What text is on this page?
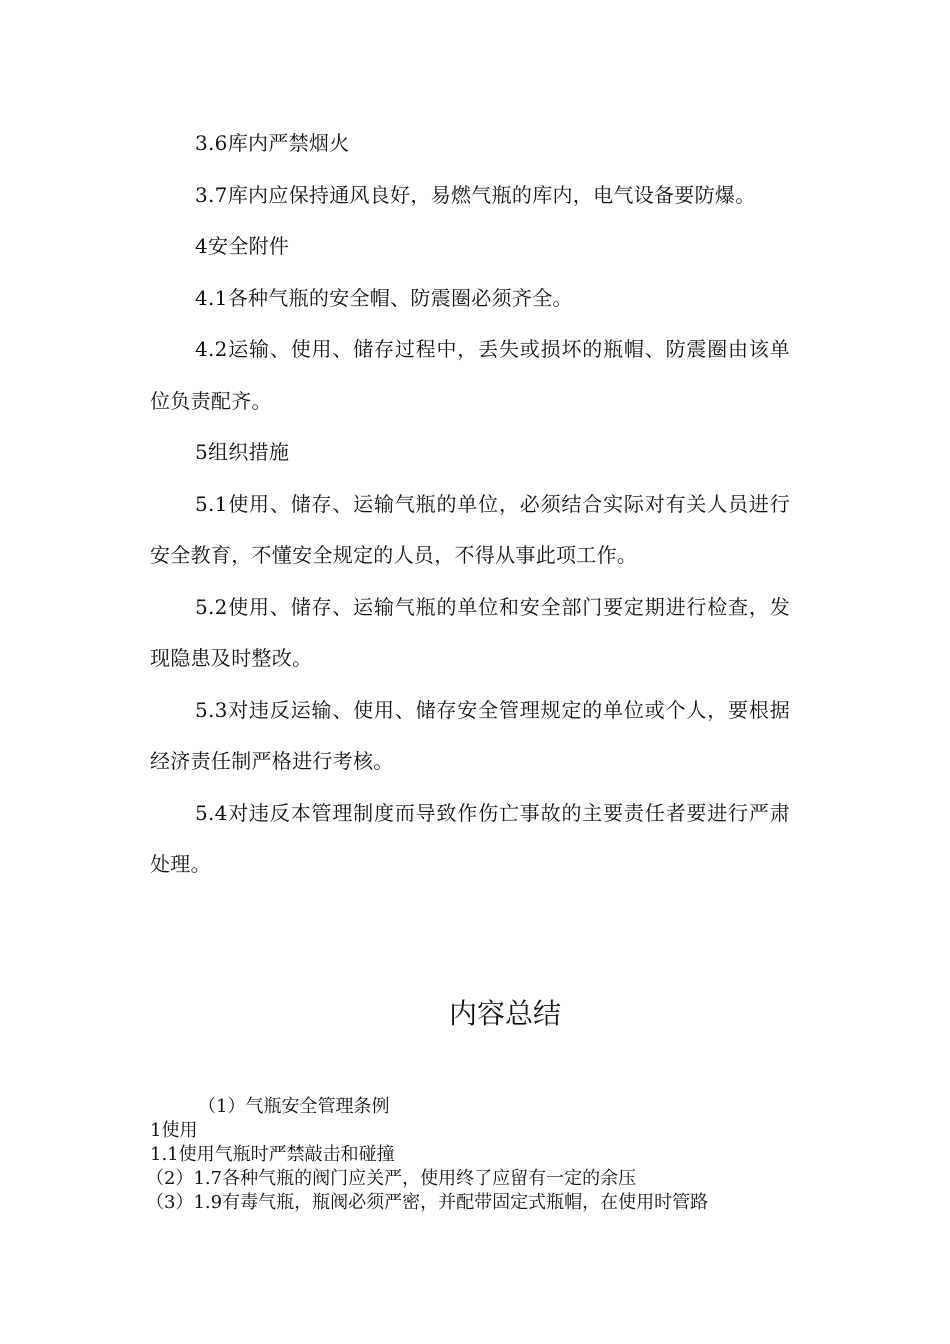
3.6库内严禁烟火

3.7库内应保持通风良好，易燃气瓶的库内，电气设备要防爆。

4安全附件

4.1各种气瓶的安全帽、防震圈必须齐全。

4.2运输、使用、储存过程中，丢失或损坏的瓶帽、防震圈由该单位负责配齐。

5组织措施

5.1使用、储存、运输气瓶的单位，必须结合实际对有关人员进行安全教育，不懂安全规定的人员，不得从事此项工作。

5.2使用、储存、运输气瓶的单位和安全部门要定期进行检查，发现隐患及时整改。

5.3对违反运输、使用、储存安全管理规定的单位或个人，要根据经济责任制严格进行考核。

5.4对违反本管理制度而导致作伤亡事故的主要责任者要进行严肃处理。

内容总结

（1）气瓶安全管理条例

1使用

1.1使用气瓶时严禁敲击和碰撞

（2）1.7各种气瓶的阀门应关严，使用终了应留有一定的余压

（3）1.9有毒气瓶，瓶阀必须严密，并配带固定式瓶帽，在使用时管路
